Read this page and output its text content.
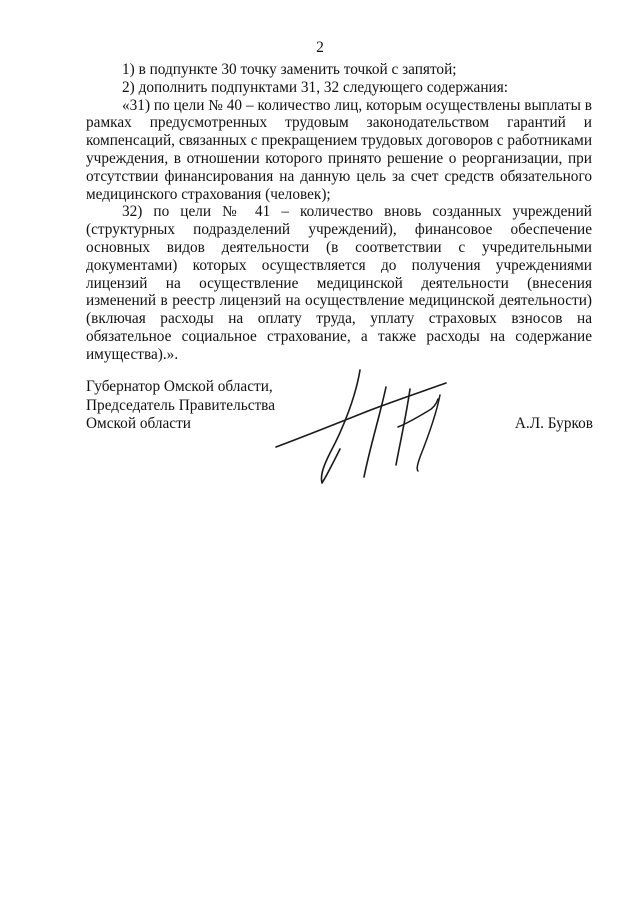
2

1) в подпункте 30 точку заменить точкой с запятой;

2) дополнить подпунктами 31, 32 следующего содержания:

«31) по цели № 40 – количество лиц, которым осуществлены выплаты в рамках предусмотренных трудовым законодательством гарантий и компенсаций, связанных с прекращением трудовых договоров с работниками учреждения, в отношении которого принято решение о реорганизации, при отсутствии финансирования на данную цель за счет средств обязательного медицинского страхования (человек);

32) по цели № 41 – количество вновь созданных учреждений (структурных подразделений учреждений), финансовое обеспечение основных видов деятельности (в соответствии с учредительными документами) которых осуществляется до получения учреждениями лицензий на осуществление медицинской деятельности (внесения изменений в реестр лицензий на осуществление медицинской деятельности) (включая расходы на оплату труда, уплату страховых взносов на обязательное социальное страхование, а также расходы на содержание имущества).».

Губернатор Омской области,
Председатель Правительства
Омской области	А.Л. Бурков
